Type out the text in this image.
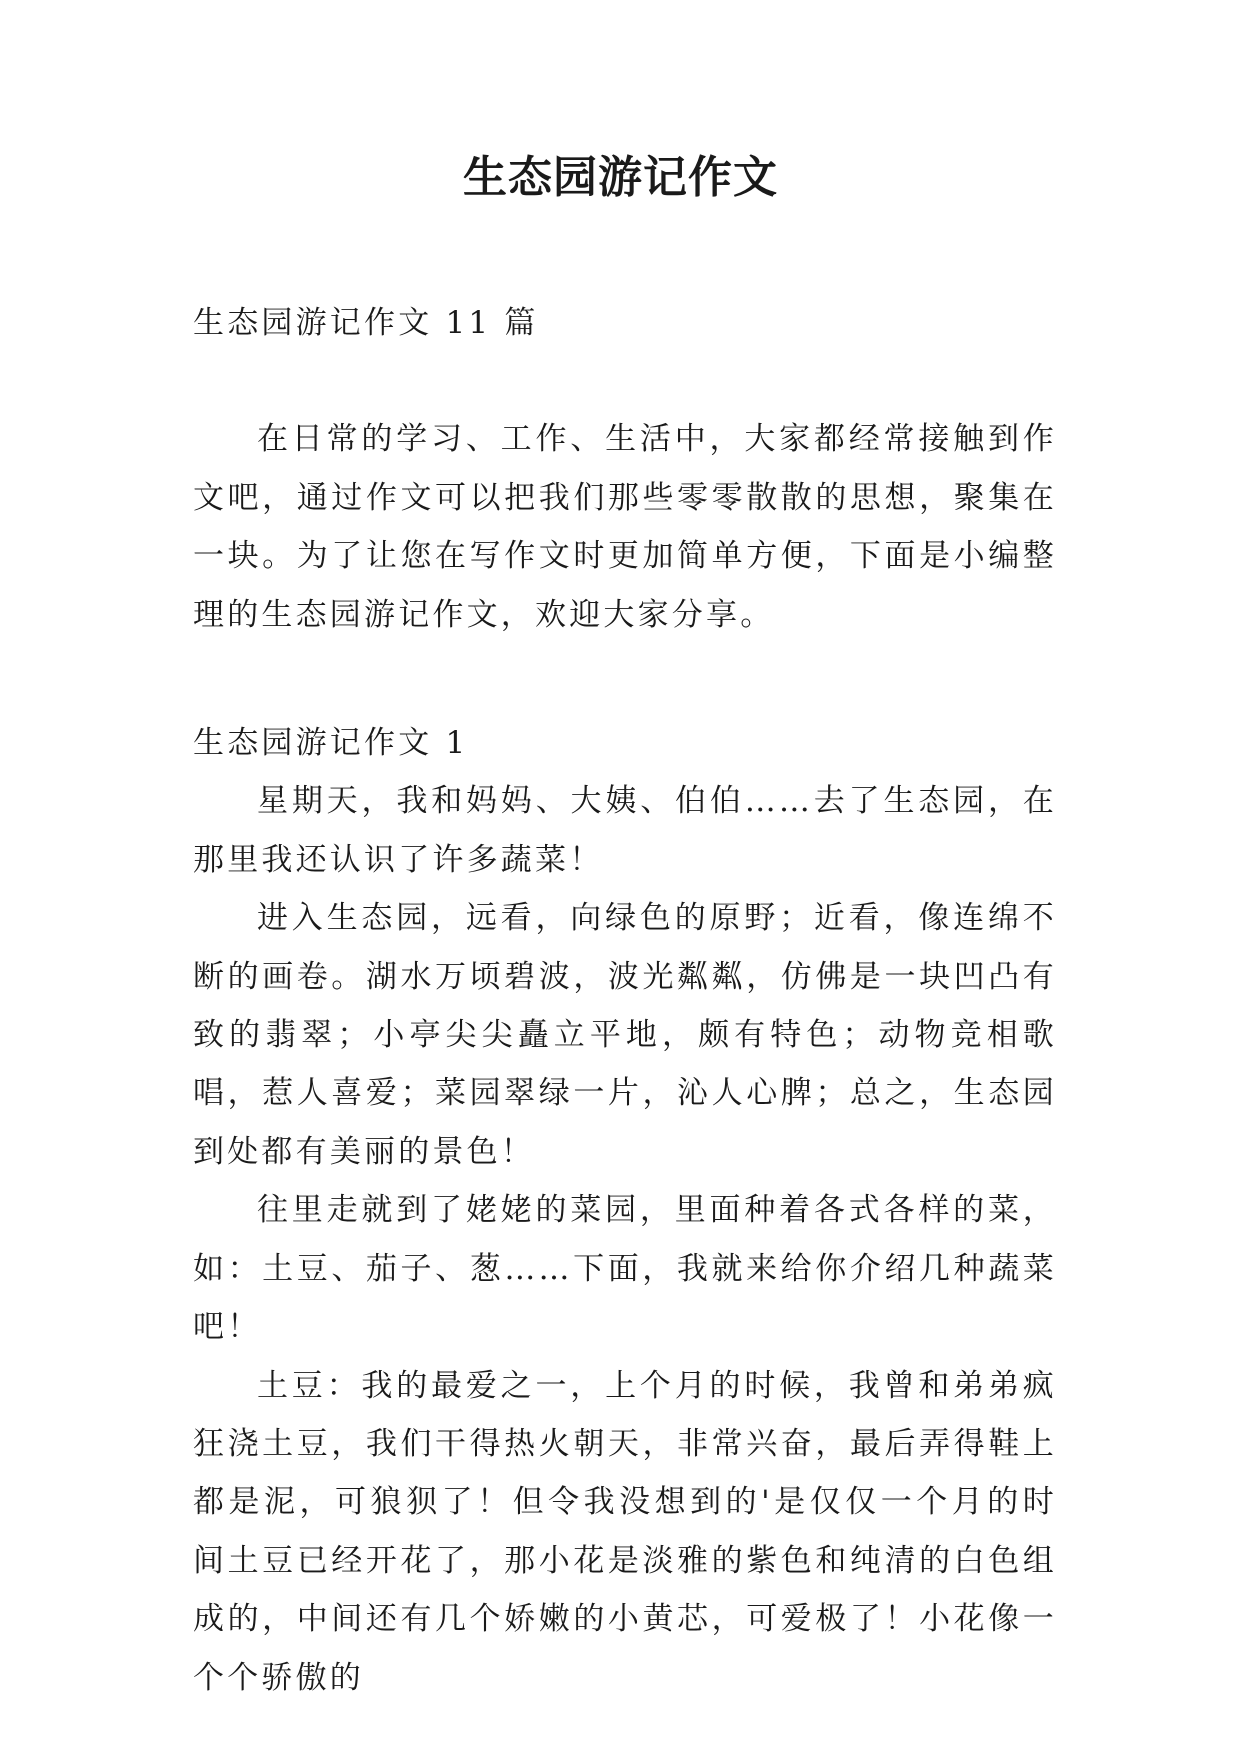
生态园游记作文

生态园游记作文 11 篇

在日常的学习、工作、生活中，大家都经常接触到作文吧，通过作文可以把我们那些零零散散的思想，聚集在一块。为了让您在写作文时更加简单方便，下面是小编整理的生态园游记作文，欢迎大家分享。

生态园游记作文 1

星期天，我和妈妈、大姨、伯伯……去了生态园，在那里我还认识了许多蔬菜！

进入生态园，远看，向绿色的原野；近看，像连绵不断的画卷。湖水万顷碧波，波光粼粼，仿佛是一块凹凸有致的翡翠；小亭尖尖矗立平地，颇有特色；动物竞相歌唱，惹人喜爱；菜园翠绿一片，沁人心脾；总之，生态园到处都有美丽的景色！

往里走就到了姥姥的菜园，里面种着各式各样的菜，如：土豆、茄子、葱……下面，我就来给你介绍几种蔬菜吧！

土豆：我的最爱之一，上个月的时候，我曾和弟弟疯狂浇土豆，我们干得热火朝天，非常兴奋，最后弄得鞋上都是泥，可狼狈了！但令我没想到的'是仅仅一个月的时间土豆已经开花了，那小花是淡雅的紫色和纯清的白色组成的，中间还有几个娇嫩的小黄芯，可爱极了！小花像一个个骄傲的
